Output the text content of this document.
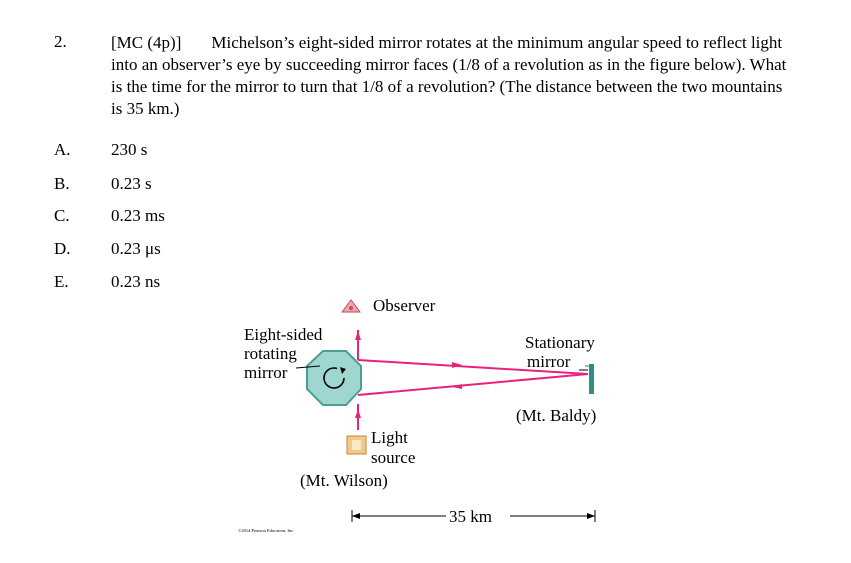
2.	[MC (4p)] Michelson’s eight-sided mirror rotates at the minimum angular speed to reflect light into an observer’s eye by succeeding mirror faces (1/8 of a revolution as in the figure below). What is the time for the mirror to turn that 1/8 of a revolution? (The distance between the two mountains is 35 km.)
A. 230 s
B. 0.23 s
C. 0.23 ms
D. 0.23 μs
E. 0.23 ns
Observer
Eight-sided
rotating
mirror
Stationary
mirror
(Mt. Baldy)
Light
source
(Mt. Wilson)
35 km
©2014 Pearson Education, Inc.
